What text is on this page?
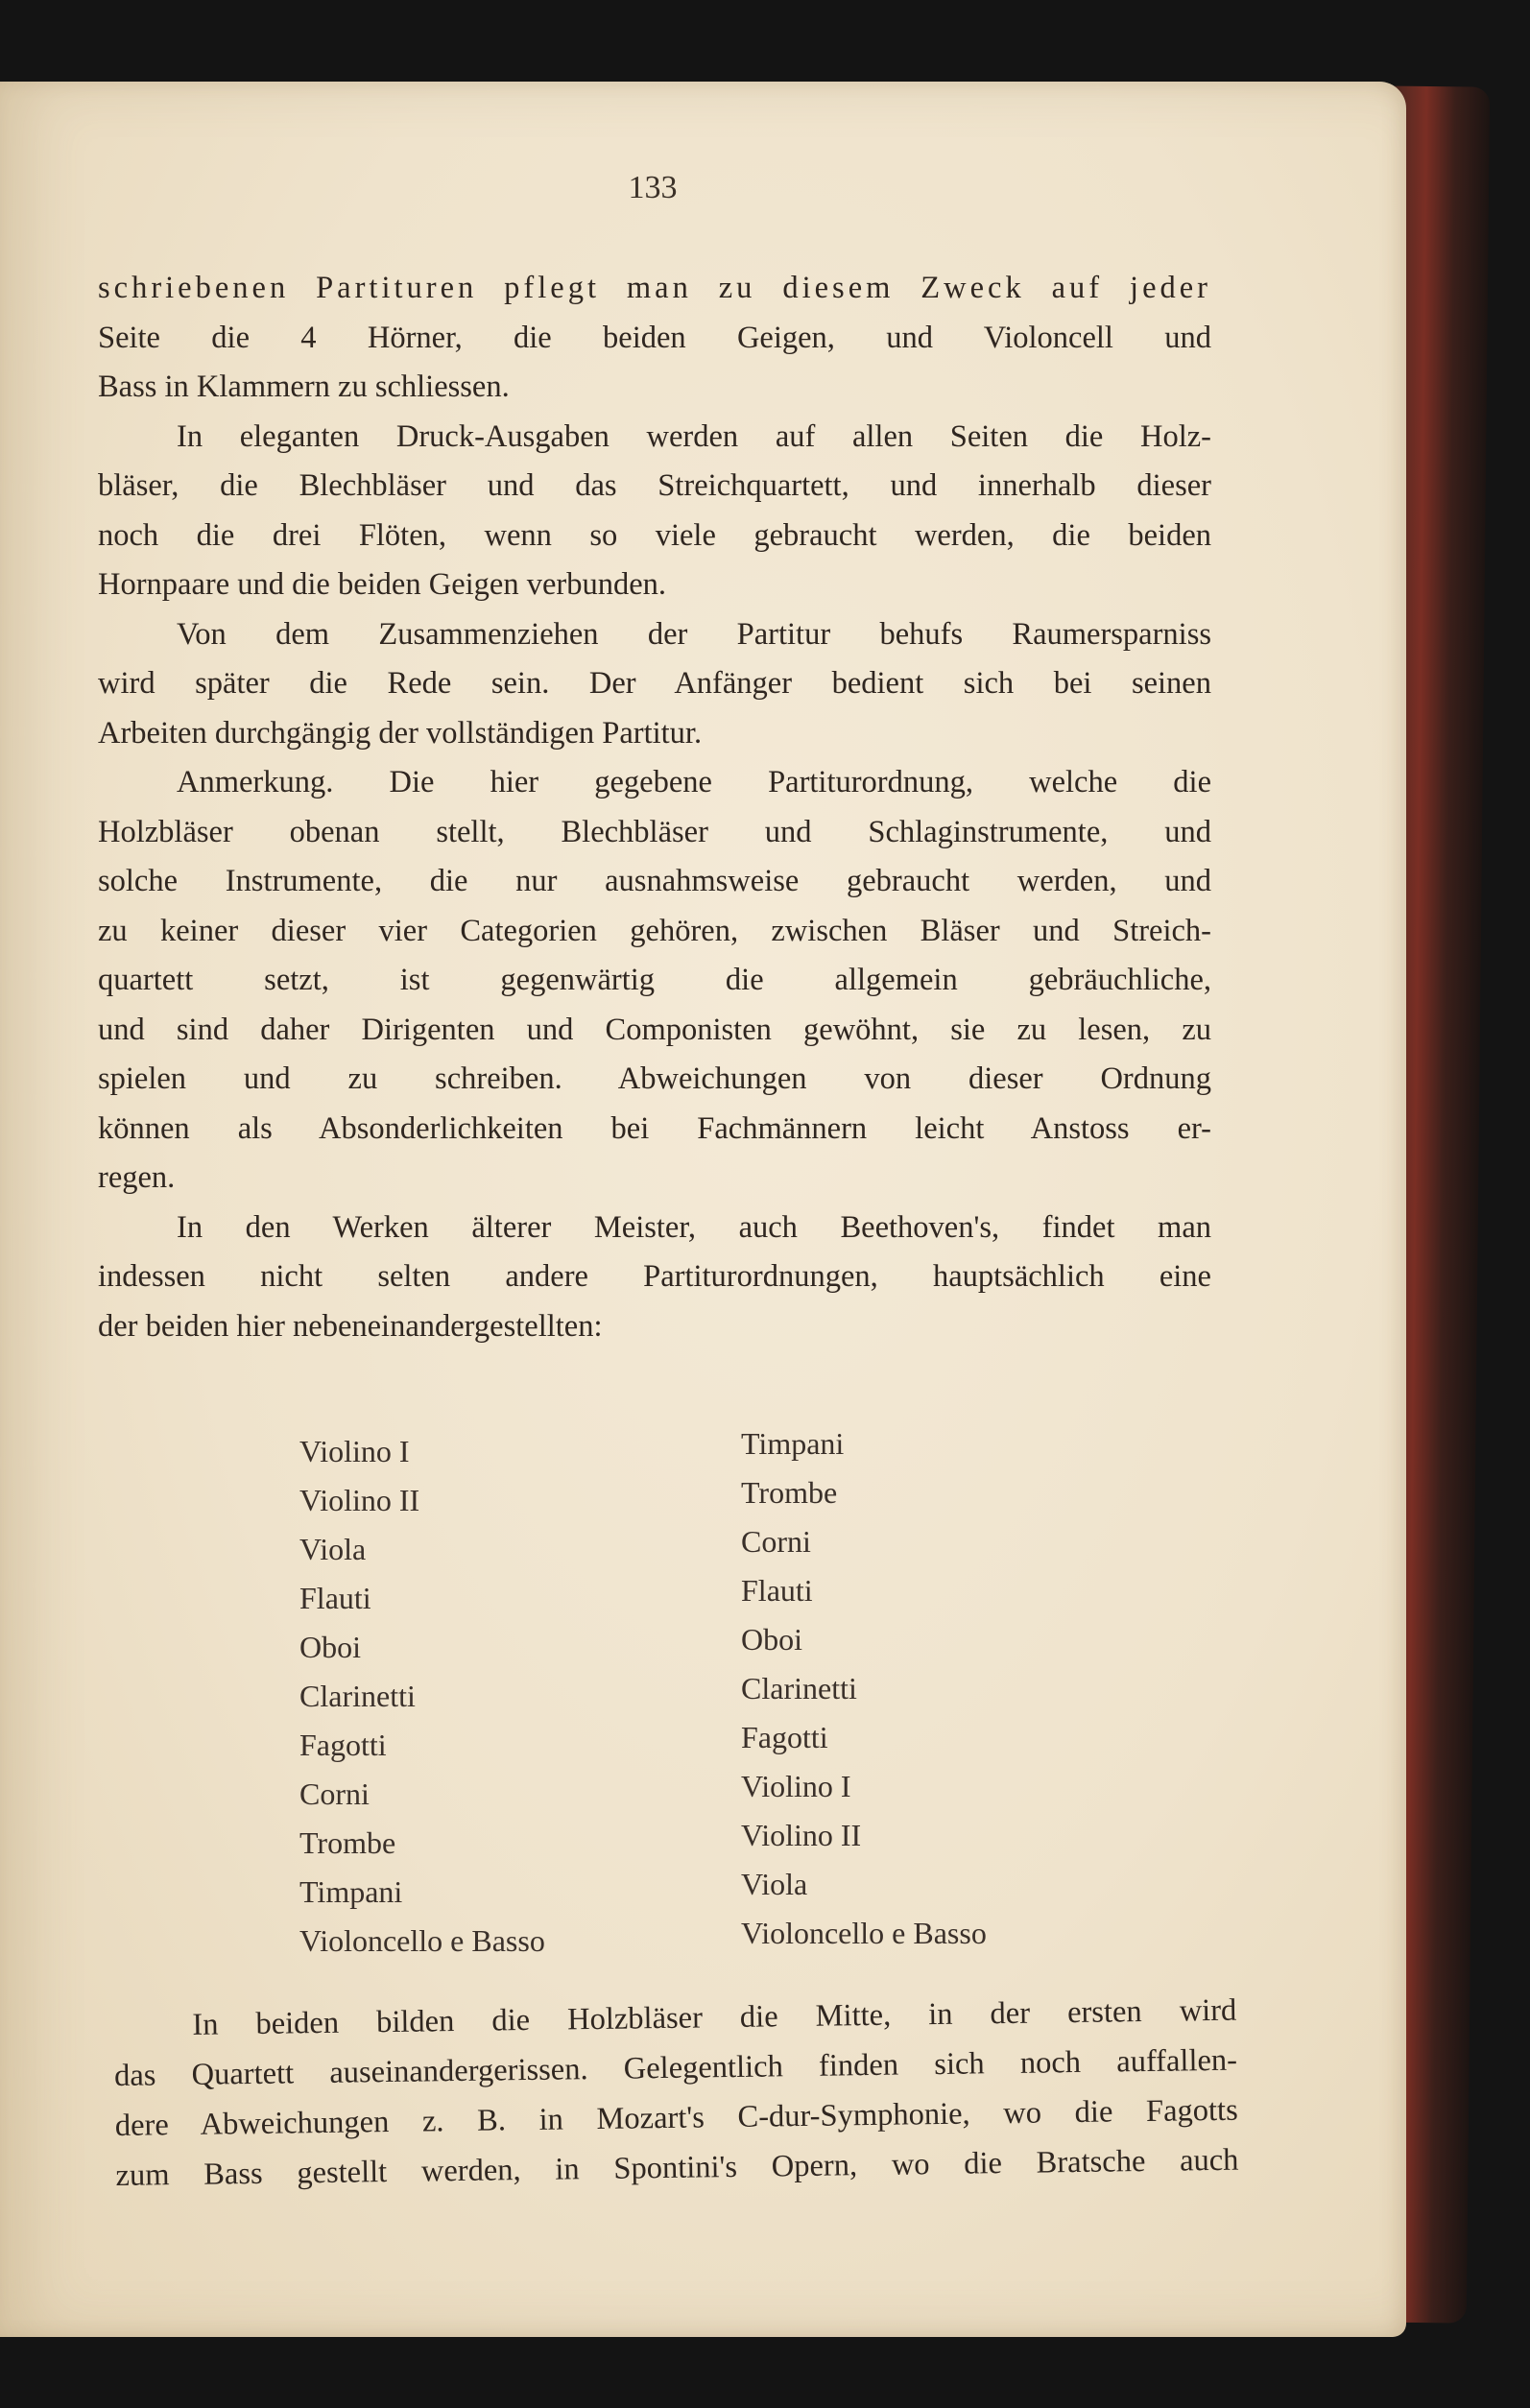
133
schriebenen Partituren pflegt man zu diesem Zweck auf jeder
Seite die 4 Hörner, die beiden Geigen, und Violoncell und
Bass in Klammern zu schliessen.
In eleganten Druck-Ausgaben werden auf allen Seiten die Holz-
bläser, die Blechbläser und das Streichquartett, und innerhalb dieser
noch die drei Flöten, wenn so viele gebraucht werden, die beiden
Hornpaare und die beiden Geigen verbunden.
Von dem Zusammenziehen der Partitur behufs Raumersparniss
wird später die Rede sein. Der Anfänger bedient sich bei seinen
Arbeiten durchgängig der vollständigen Partitur.
Anmerkung. Die hier gegebene Partiturordnung, welche die
Holzbläser obenan stellt, Blechbläser und Schlaginstrumente, und
solche Instrumente, die nur ausnahmsweise gebraucht werden, und
zu keiner dieser vier Categorien gehören, zwischen Bläser und Streich-
quartett setzt, ist gegenwärtig die allgemein gebräuchliche,
und sind daher Dirigenten und Componisten gewöhnt, sie zu lesen, zu
spielen und zu schreiben. Abweichungen von dieser Ordnung
können als Absonderlichkeiten bei Fachmännern leicht Anstoss er-
regen.
In den Werken älterer Meister, auch Beethoven's, findet man
indessen nicht selten andere Partiturordnungen, hauptsächlich eine
der beiden hier nebeneinandergestellten:
Violino I
Violino II
Viola
Flauti
Oboi
Clarinetti
Fagotti
Corni
Trombe
Timpani
Violoncello e Basso
Timpani
Trombe
Corni
Flauti
Oboi
Clarinetti
Fagotti
Violino I
Violino II
Viola
Violoncello e Basso
In beiden bilden die Holzbläser die Mitte, in der ersten wird
das Quartett auseinandergerissen. Gelegentlich finden sich noch auffallen-
dere Abweichungen z. B. in Mozart's C-dur-Symphonie, wo die Fagotts
zum Bass gestellt werden, in Spontini's Opern, wo die Bratsche auch
